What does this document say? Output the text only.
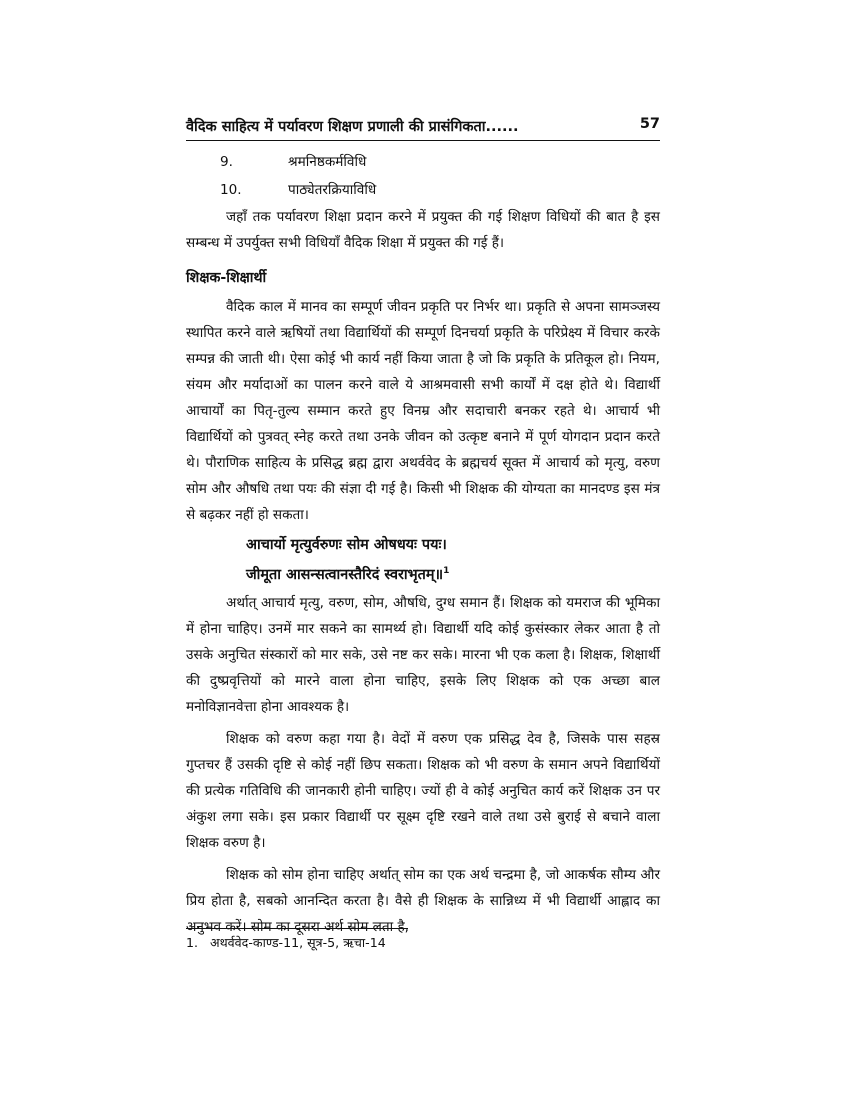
वैदिक साहित्य में पर्यावरण शिक्षण प्रणाली की प्रासंगिकता......	57
9.	श्रमनिष्ठकर्मविधि
10.	पाठ्येतरक्रियाविधि

जहाँ तक पर्यावरण शिक्षा प्रदान करने में प्रयुक्त की गई शिक्षण विधियों की बात है इस सम्बन्ध में उपर्युक्त सभी विधियाँ वैदिक शिक्षा में प्रयुक्त की गई हैं।

शिक्षक-शिक्षार्थी

वैदिक काल में मानव का सम्पूर्ण जीवन प्रकृति पर निर्भर था। प्रकृति से अपना सामञ्जस्य स्थापित करने वाले ऋषियों तथा विद्यार्थियों की सम्पूर्ण दिनचर्या प्रकृति के परिप्रेक्ष्य में विचार करके सम्पन्न की जाती थी। ऐसा कोई भी कार्य नहीं किया जाता है जो कि प्रकृति के प्रतिकूल हो। नियम, संयम और मर्यादाओं का पालन करने वाले ये आश्रमवासी सभी कार्यों में दक्ष होते थे। विद्यार्थी आचार्यों का पितृ-तुल्य सम्मान करते हुए विनम्र और सदाचारी बनकर रहते थे। आचार्य भी विद्यार्थियों को पुत्रवत् स्नेह करते तथा उनके जीवन को उत्कृष्ट बनाने में पूर्ण योगदान प्रदान करते थे। पौराणिक साहित्य के प्रसिद्ध ब्रह्म द्वारा अथर्ववेद के ब्रह्मचर्य सूक्त में आचार्य को मृत्यु, वरुण सोम और औषधि तथा पयः की संज्ञा दी गई है। किसी भी शिक्षक की योग्यता का मानदण्ड इस मंत्र से बढ़कर नहीं हो सकता।

आचार्यो मृत्युर्वरुणः सोम ओषधयः पयः।
जीमूता आसन्सत्वानस्तैरिदं स्वराभृतम्॥$^1$

अर्थात् आचार्य मृत्यु, वरुण, सोम, औषधि, दुग्ध समान हैं। शिक्षक को यमराज की भूमिका में होना चाहिए। उनमें मार सकने का सामर्थ्य हो। विद्यार्थी यदि कोई कुसंस्कार लेकर आता है तो उसके अनुचित संस्कारों को मार सके, उसे नष्ट कर सके। मारना भी एक कला है। शिक्षक, शिक्षार्थी की दुष्प्रवृत्तियों को मारने वाला होना चाहिए, इसके लिए शिक्षक को एक अच्छा बाल मनोविज्ञानवेत्ता होना आवश्यक है।

शिक्षक को वरुण कहा गया है। वेदों में वरुण एक प्रसिद्ध देव है, जिसके पास सहस्र गुप्तचर हैं उसकी दृष्टि से कोई नहीं छिप सकता। शिक्षक को भी वरुण के समान अपने विद्यार्थियों की प्रत्येक गतिविधि की जानकारी होनी चाहिए। ज्यों ही वे कोई अनुचित कार्य करें शिक्षक उन पर अंकुश लगा सके। इस प्रकार विद्यार्थी पर सूक्ष्म दृष्टि रखने वाले तथा उसे बुराई से बचाने वाला शिक्षक वरुण है।

शिक्षक को सोम होना चाहिए अर्थात् सोम का एक अर्थ चन्द्रमा है, जो आकर्षक सौम्य और प्रिय होता है, सबको आनन्दित करता है। वैसे ही शिक्षक के सान्निध्य में भी विद्यार्थी आह्लाद का अनुभव करें। सोम का दूसरा अर्थ सोम लता है,

1. अथर्ववेद-काण्ड-11, सूत्र-5, ऋचा-14
